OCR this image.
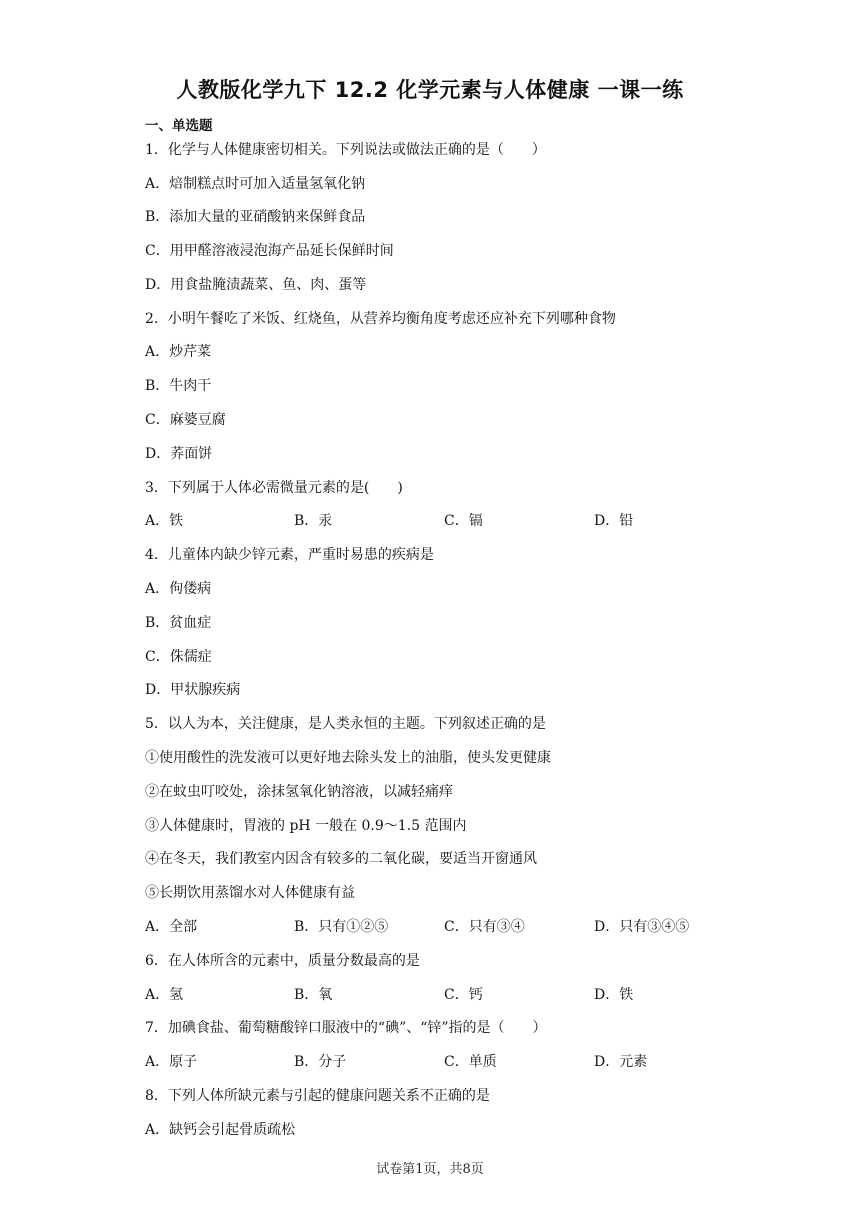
人教版化学九下 12.2 化学元素与人体健康 一课一练
一、单选题
1．化学与人体健康密切相关。下列说法或做法正确的是（　　）
A．焙制糕点时可加入适量氢氧化钠
B．添加大量的亚硝酸钠来保鲜食品
C．用甲醛溶液浸泡海产品延长保鲜时间
D．用食盐腌渍蔬菜、鱼、肉、蛋等
2．小明午餐吃了米饭、红烧鱼，从营养均衡角度考虑还应补充下列哪种食物
A．炒芹菜
B．牛肉干
C．麻婆豆腐
D．荞面饼
3．下列属于人体必需微量元素的是(　　)
A．铁	B．汞	C．镉	D．铅
4．儿童体内缺少锌元素，严重时易患的疾病是
A．佝偻病
B．贫血症
C．侏儒症
D．甲状腺疾病
5．以人为本，关注健康，是人类永恒的主题。下列叙述正确的是
①使用酸性的洗发液可以更好地去除头发上的油脂，使头发更健康
②在蚊虫叮咬处，涂抹氢氧化钠溶液，以减轻痛痒
③人体健康时，胃液的 pH 一般在 0.9～1.5 范围内
④在冬天，我们教室内因含有较多的二氧化碳，要适当开窗通风
⑤长期饮用蒸馏水对人体健康有益
A．全部	B．只有①②⑤	C．只有③④	D．只有③④⑤
6．在人体所含的元素中，质量分数最高的是
A．氢	B．氧	C．钙	D．铁
7．加碘食盐、葡萄糖酸锌口服液中的“碘”、“锌”指的是（　　）
A．原子	B．分子	C．单质	D．元素
8．下列人体所缺元素与引起的健康问题关系不正确的是
A．缺钙会引起骨质疏松
试卷第1页，共8页
